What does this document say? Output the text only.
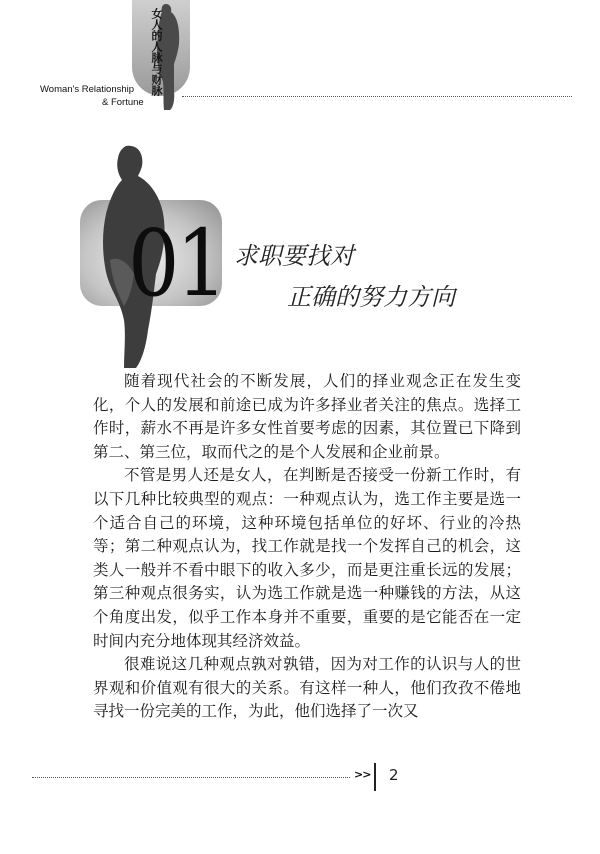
女人的人脉与财脉
Woman's Relationship
& Fortune
01 求职要找对
正确的努力方向

随着现代社会的不断发展，人们的择业观念正在发生变化，个人的发展和前途已成为许多择业者关注的焦点。选择工作时，薪水不再是许多女性首要考虑的因素，其位置已下降到第二、第三位，取而代之的是个人发展和企业前景。

不管是男人还是女人，在判断是否接受一份新工作时，有以下几种比较典型的观点：一种观点认为，选工作主要是选一个适合自己的环境，这种环境包括单位的好坏、行业的冷热等；第二种观点认为，找工作就是找一个发挥自己的机会，这类人一般并不看中眼下的收入多少，而是更注重长远的发展；第三种观点很务实，认为选工作就是选一种赚钱的方法，从这个角度出发，似乎工作本身并不重要，重要的是它能否在一定时间内充分地体现其经济效益。

很难说这几种观点孰对孰错，因为对工作的认识与人的世界观和价值观有很大的关系。有这样一种人，他们孜孜不倦地寻找一份完美的工作，为此，他们选择了一次又

>> 2
